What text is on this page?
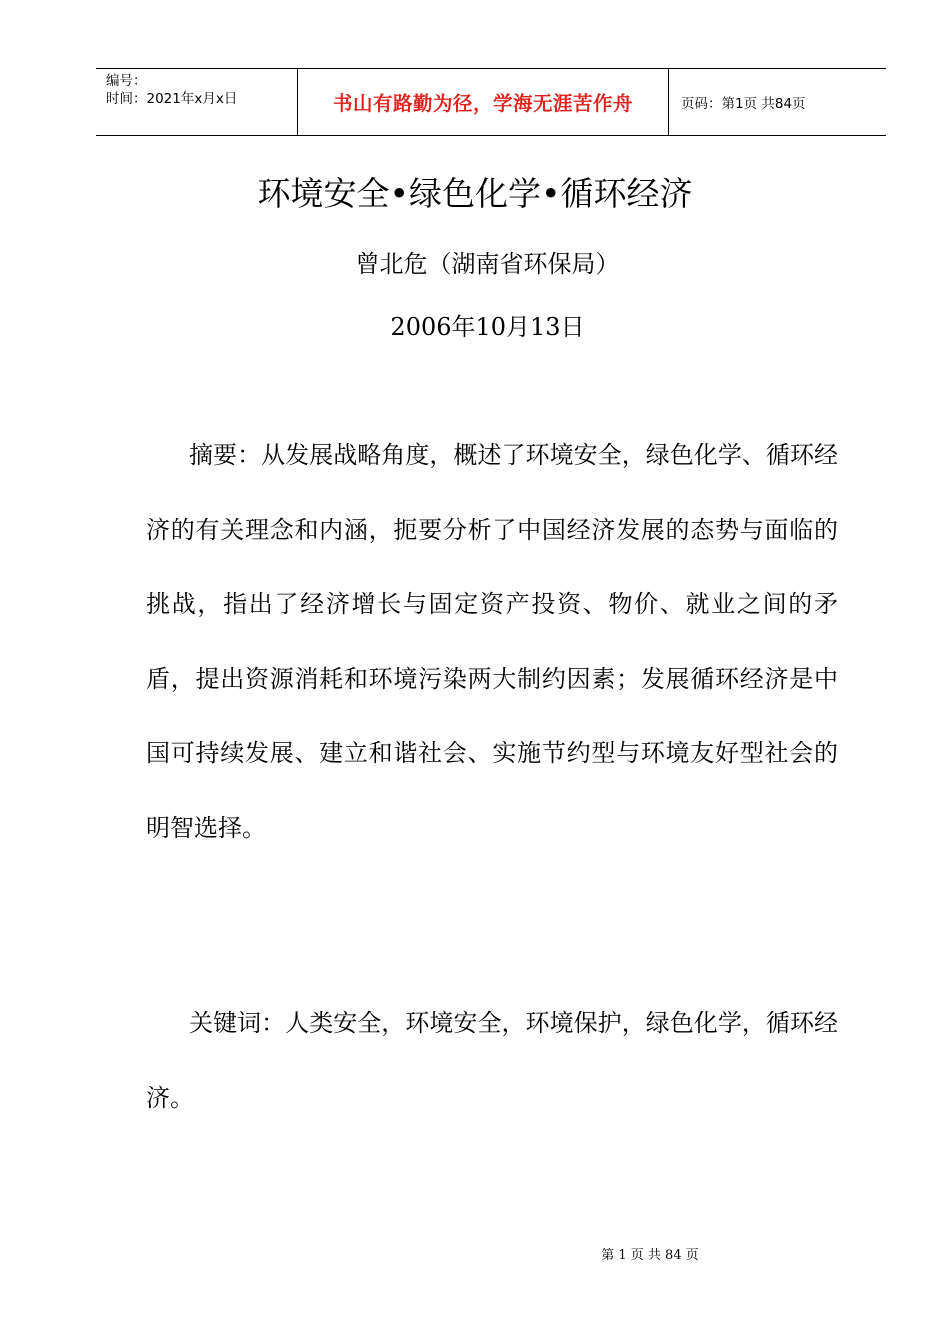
编号：
时间：2021年x月x日	书山有路勤为径，学海无涯苦作舟	页码：第1页 共84页
环境安全•绿色化学•循环经济
曾北危（湖南省环保局）
2006年10月13日

摘要：从发展战略角度，概述了环境安全，绿色化学、循环经济的有关理念和内涵，扼要分析了中国经济发展的态势与面临的挑战，指出了经济增长与固定资产投资、物价、就业之间的矛盾，提出资源消耗和环境污染两大制约因素；发展循环经济是中国可持续发展、建立和谐社会、实施节约型与环境友好型社会的明智选择。

关键词：人类安全，环境安全，环境保护，绿色化学，循环经济。

第 1 页 共 84 页
